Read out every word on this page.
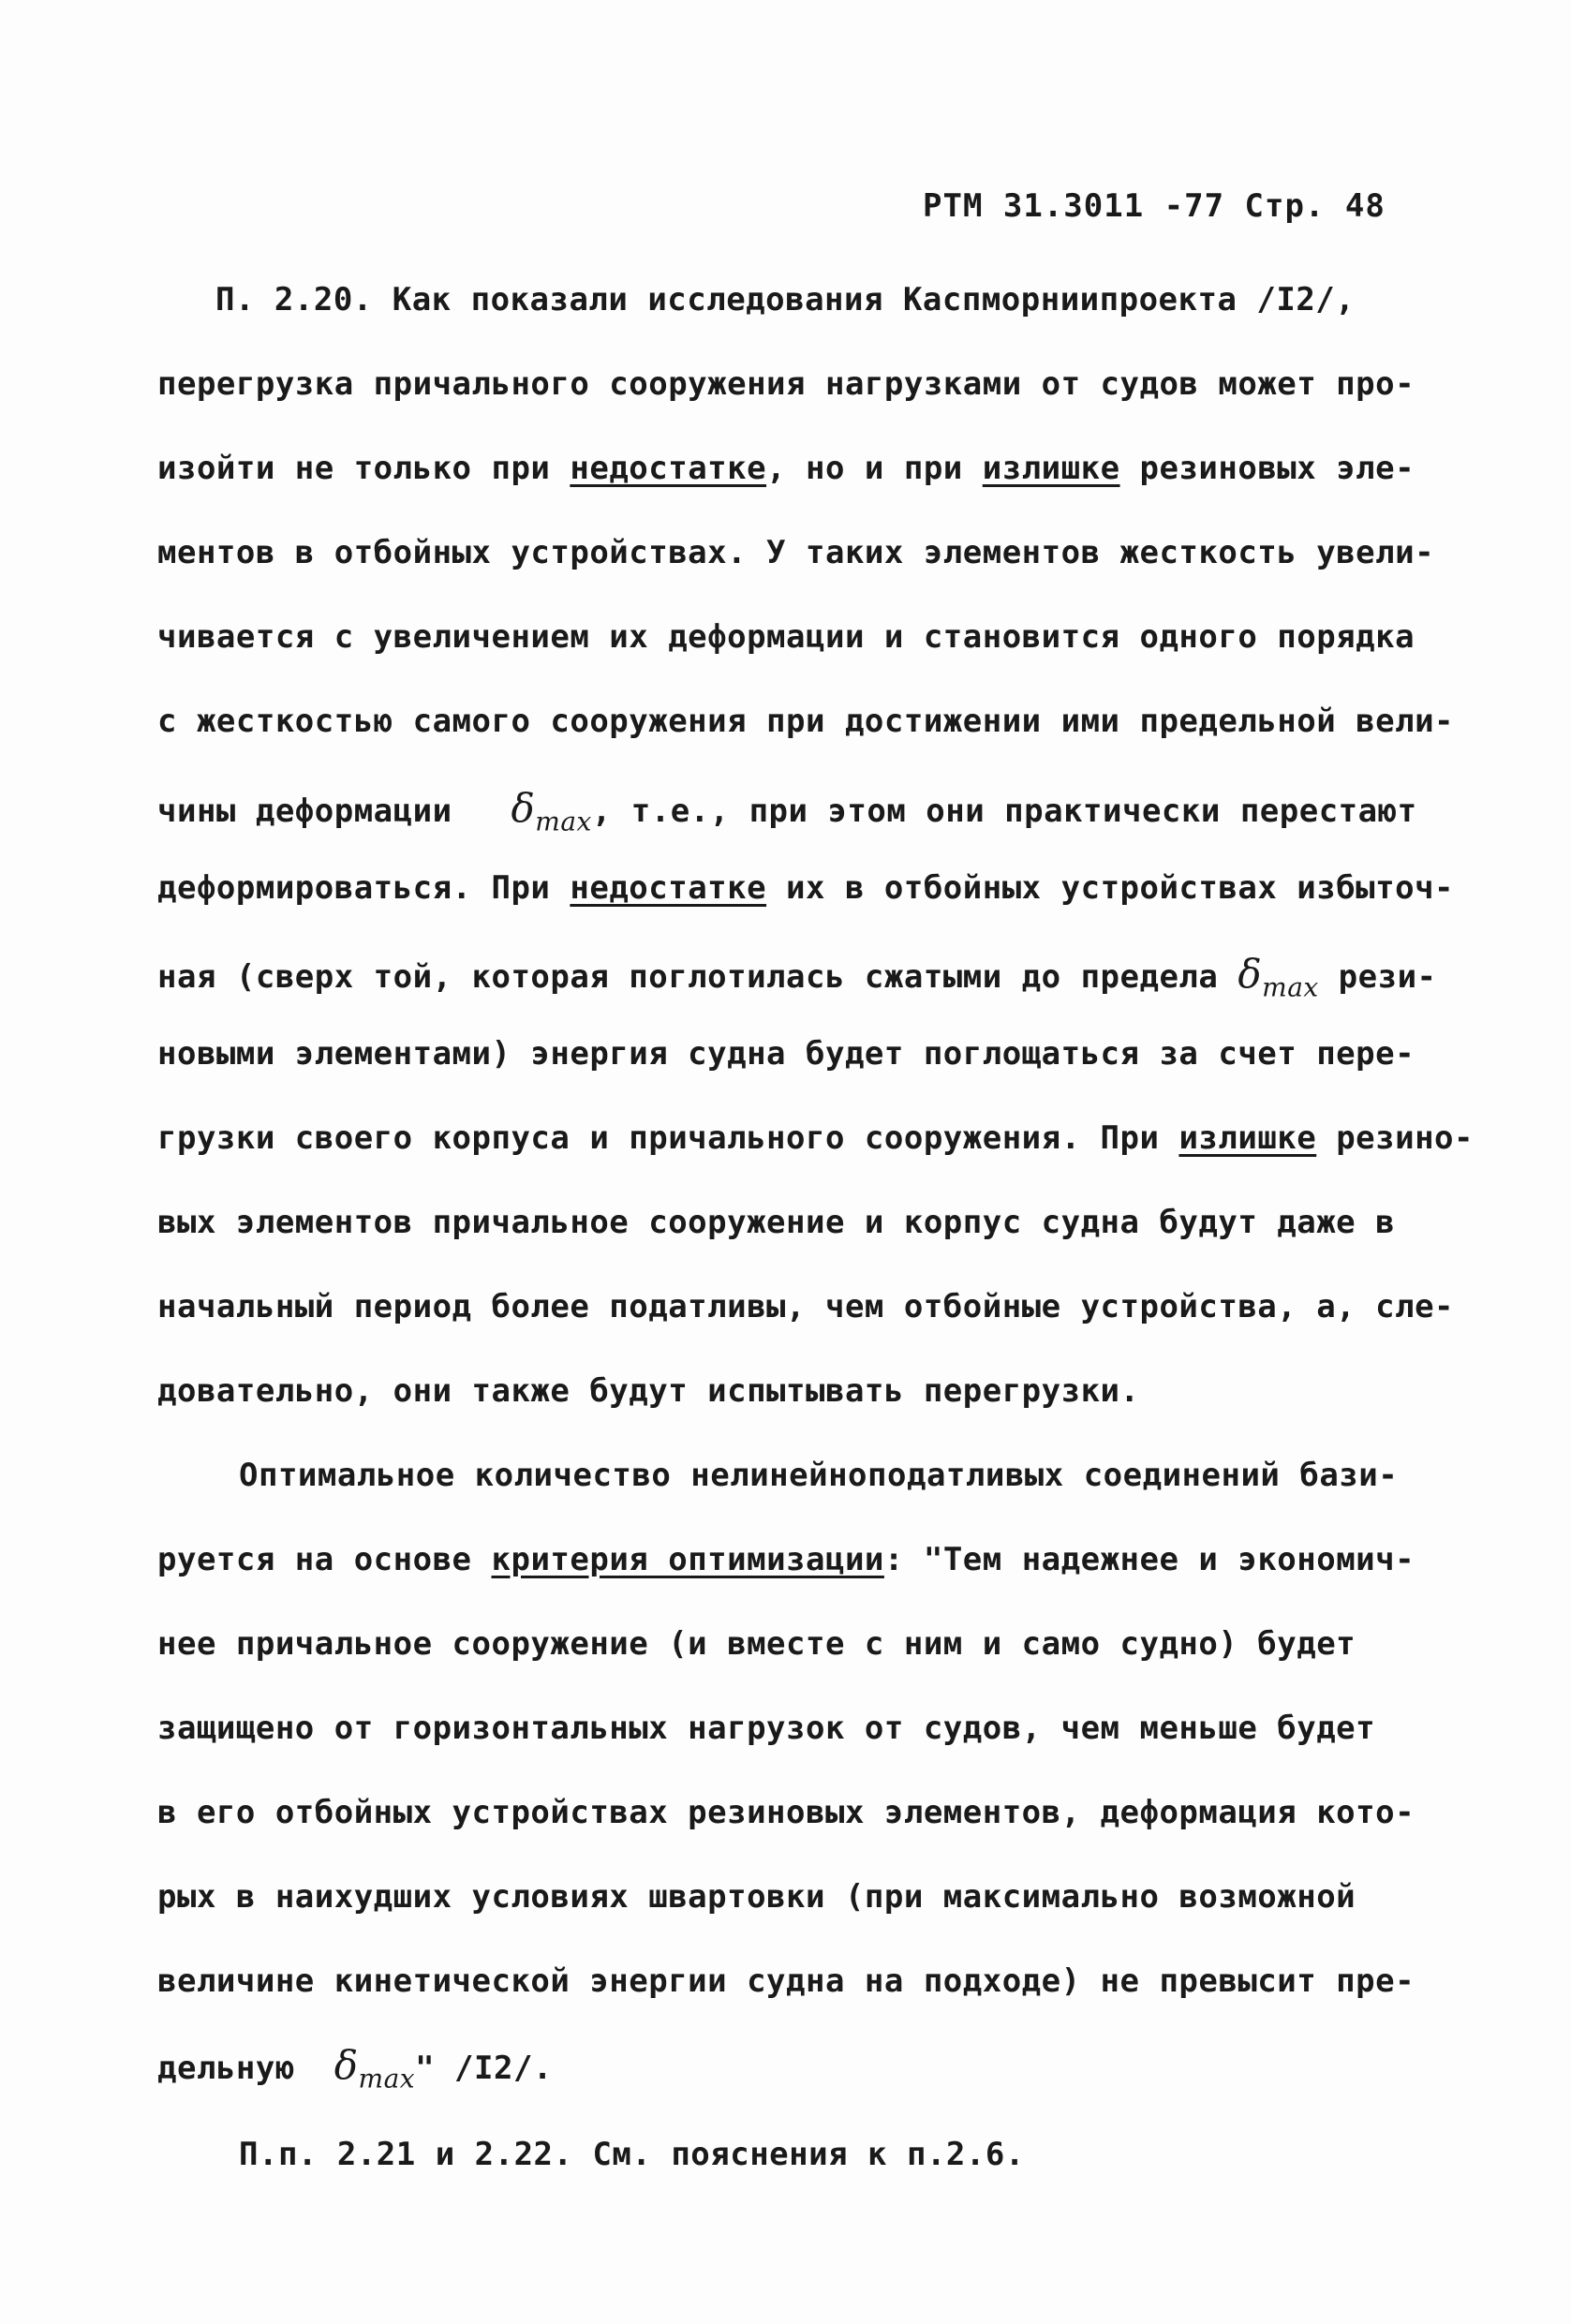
РТМ 31.3011 -77 Стр. 48
П. 2.20. Как показали исследования Каспморниипроекта /I2/,
перегрузка причального сооружения нагрузками от судов может про-
изойти не только при недостатке, но и при излишке резиновых эле-
ментов в отбойных устройствах. У таких элементов жесткость увели-
чивается с увеличением их деформации и становится одного порядка
с жесткостью самого сооружения при достижении ими предельной вели-
чины деформации $\delta_{max}$, т.е., при этом они практически перестают
деформироваться. При недостатке их в отбойных устройствах избыточ-
ная (сверх той, которая поглотилась сжатыми до предела $\delta_{max}$ рези-
новыми элементами) энергия судна будет поглощаться за счет пере-
грузки своего корпуса и причального сооружения. При излишке резино-
вых элементов причальное сооружение и корпус судна будут даже в
начальный период более податливы, чем отбойные устройства, а, сле-
довательно, они также будут испытывать перегрузки.
Оптимальное количество нелинейноподатливых соединений бази-
руется на основе критерия оптимизации: "Тем надежнее и экономич-
нее причальное сооружение (и вместе с ним и само судно) будет
защищено от горизонтальных нагрузок от судов, чем меньше будет
в его отбойных устройствах резиновых элементов, деформация кото-
рых в наихудших условиях швартовки (при максимально возможной
величине кинетической энергии судна на подходе) не превысит пре-
дельную $\delta_{max}$" /I2/.
П.п. 2.21 и 2.22. См. пояснения к п.2.6.
